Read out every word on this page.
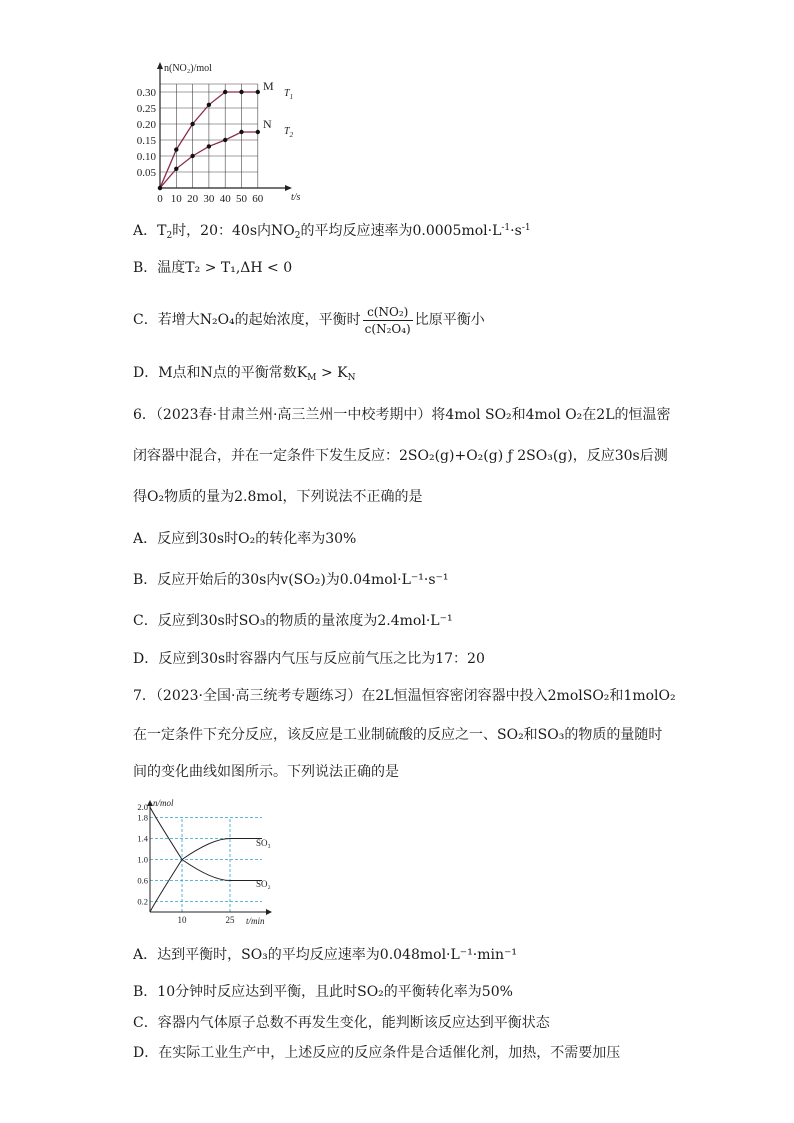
n(NO₂)/mol
t/s
0.30
0.25
0.20
0.15
0.10
0.05
0 10 20 30 40 50 60
M
N
$T_1$
$T_2$
A．$T_2$时，20：40s内$NO_2$的平均反应速率为$0.0005mol\cdot L^{-1}\cdot s^{-1}$
B．温度T₂ > T₁,ΔH < 0
C．若增大N₂O₄的起始浓度，平衡时 $\frac{\text{c(NO₂)}}{\text{c(N₂O₄)}}$ 比原平衡小
D．M点和N点的平衡常数$K_M > K_N$
6．（2023春·甘肃兰州·高三兰州一中校考期中）将4mol SO₂和4mol O₂在2L的恒温密
闭容器中混合，并在一定条件下发生反应：2SO₂(g)+O₂(g) ƒ 2SO₃(g)，反应30s后测
得O₂物质的量为2.8mol，下列说法不正确的是
A．反应到30s时O₂的转化率为30%
B．反应开始后的30s内v(SO₂)为0.04mol·L⁻¹·s⁻¹
C．反应到30s时SO₃的物质的量浓度为2.4mol·L⁻¹
D．反应到30s时容器内气压与反应前气压之比为17：20
7．（2023·全国·高三统考专题练习）在2L恒温恒容密闭容器中投入2molSO₂和1molO₂
在一定条件下充分反应，该反应是工业制硫酸的反应之一、SO₂和SO₃的物质的量随时
间的变化曲线如图所示。下列说法正确的是
n/mol
t/min
2.0
1.8
1.4
1.0
0.6
0.2
10	25
SO₃
SO₂
A．达到平衡时，SO₃的平均反应速率为0.048mol·L⁻¹·min⁻¹
B．10分钟时反应达到平衡，且此时SO₂的平衡转化率为50%
C．容器内气体原子总数不再发生变化，能判断该反应达到平衡状态
D．在实际工业生产中，上述反应的反应条件是合适催化剂，加热，不需要加压
